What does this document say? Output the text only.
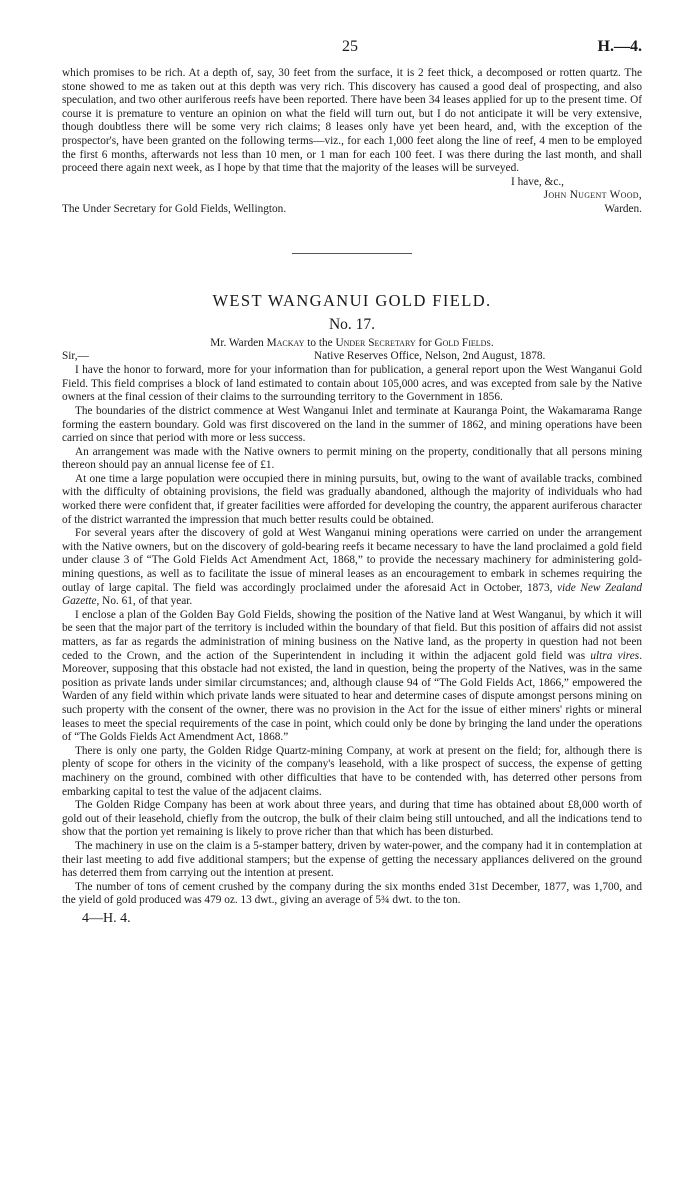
25	H.—4.
which promises to be rich. At a depth of, say, 30 feet from the surface, it is 2 feet thick, a decomposed or rotten quartz. The stone showed to me as taken out at this depth was very rich. This discovery has caused a good deal of prospecting, and also speculation, and two other auriferous reefs have been reported. There have been 34 leases applied for up to the present time. Of course it is premature to venture an opinion on what the field will turn out, but I do not anticipate it will be very extensive, though doubtless there will be some very rich claims; 8 leases only have yet been heard, and, with the exception of the prospector's, have been granted on the following terms—viz., for each 1,000 feet along the line of reef, 4 men to be employed the first 6 months, afterwards not less than 10 men, or 1 man for each 100 feet. I was there during the last month, and shall proceed there again next week, as I hope by that time that the majority of the leases will be surveyed.
I have, &c.,
John Nugent Wood,
The Under Secretary for Gold Fields, Wellington.	Warden.
WEST WANGANUI GOLD FIELD.
No. 17.
Mr. Warden Mackay to the Under Secretary for Gold Fields.
Sir,—	Native Reserves Office, Nelson, 2nd August, 1878.

I have the honor to forward, more for your information than for publication, a general report upon the West Wanganui Gold Field. This field comprises a block of land estimated to contain about 105,000 acres, and was excepted from sale by the Native owners at the final cession of their claims to the surrounding territory to the Government in 1856.

The boundaries of the district commence at West Wanganui Inlet and terminate at Kauranga Point, the Wakamarama Range forming the eastern boundary. Gold was first discovered on the land in the summer of 1862, and mining operations have been carried on since that period with more or less success.

An arrangement was made with the Native owners to permit mining on the property, conditionally that all persons mining thereon should pay an annual license fee of £1.

At one time a large population were occupied there in mining pursuits, but, owing to the want of available tracks, combined with the difficulty of obtaining provisions, the field was gradually abandoned, although the majority of individuals who had worked there were confident that, if greater facilities were afforded for developing the country, the apparent auriferous character of the district warranted the impression that much better results could be obtained.

For several years after the discovery of gold at West Wanganui mining operations were carried on under the arrangement with the Native owners, but on the discovery of gold-bearing reefs it became necessary to have the land proclaimed a gold field under clause 3 of “The Gold Fields Act Amendment Act, 1868,” to provide the necessary machinery for administering gold-mining questions, as well as to facilitate the issue of mineral leases as an encouragement to embark in schemes requiring the outlay of large capital. The field was accordingly proclaimed under the aforesaid Act in October, 1873, vide New Zealand Gazette, No. 61, of that year.

I enclose a plan of the Golden Bay Gold Fields, showing the position of the Native land at West Wanganui, by which it will be seen that the major part of the territory is included within the boundary of that field. But this position of affairs did not assist matters, as far as regards the administration of mining business on the Native land, as the property in question had not been ceded to the Crown, and the action of the Superintendent in including it within the adjacent gold field was ultra vires. Moreover, supposing that this obstacle had not existed, the land in question, being the property of the Natives, was in the same position as private lands under similar circumstances; and, although clause 94 of “The Gold Fields Act, 1866,” empowered the Warden of any field within which private lands were situated to hear and determine cases of dispute amongst persons mining on such property with the consent of the owner, there was no provision in the Act for the issue of either miners' rights or mineral leases to meet the special requirements of the case in point, which could only be done by bringing the land under the operations of “The Golds Fields Act Amendment Act, 1868.”

There is only one party, the Golden Ridge Quartz-mining Company, at work at present on the field; for, although there is plenty of scope for others in the vicinity of the company's leasehold, with a like prospect of success, the expense of getting machinery on the ground, combined with other difficulties that have to be contended with, has deterred other persons from embarking capital to test the value of the adjacent claims.

The Golden Ridge Company has been at work about three years, and during that time has obtained about £8,000 worth of gold out of their leasehold, chiefly from the outcrop, the bulk of their claim being still untouched, and all the indications tend to show that the portion yet remaining is likely to prove richer than that which has been disturbed.

The machinery in use on the claim is a 5-stamper battery, driven by water-power, and the company had it in contemplation at their last meeting to add five additional stampers; but the expense of getting the necessary appliances delivered on the ground has deterred them from carrying out the intention at present.

The number of tons of cement crushed by the company during the six months ended 31st December, 1877, was 1,700, and the yield of gold produced was 479 oz. 13 dwt., giving an average of 5¾ dwt. to the ton.

4—H. 4.
